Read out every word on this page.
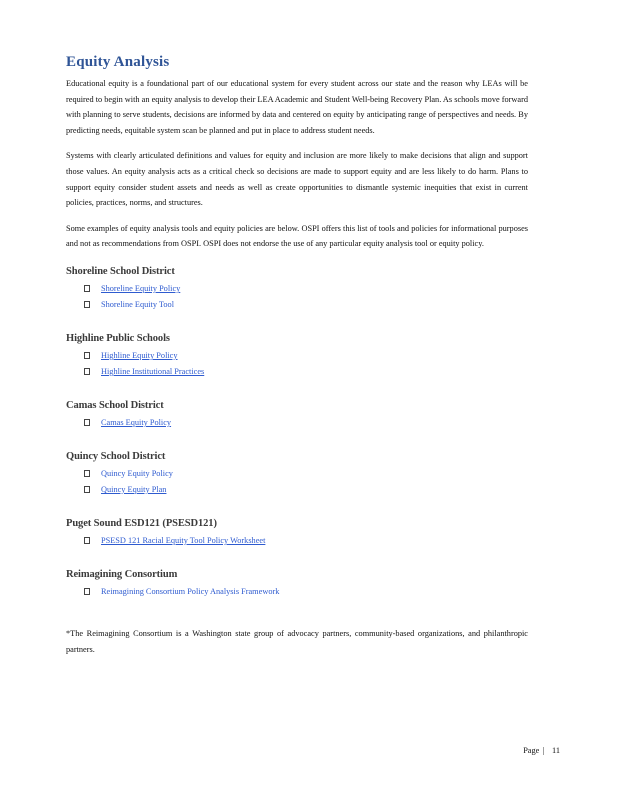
Equity Analysis

Educational equity is a foundational part of our educational system for every student across our state and the reason why LEAs will be required to begin with an equity analysis to develop their LEA Academic and Student Well-being Recovery Plan. As schools move forward with planning to serve students, decisions are informed by data and centered on equity by anticipating range of perspectives and needs. By predicting needs, equitable system scan be planned and put in place to address student needs.

Systems with clearly articulated definitions and values for equity and inclusion are more likely to make decisions that align and support those values. An equity analysis acts as a critical check so decisions are made to support equity and are less likely to do harm. Plans to support equity consider student assets and needs as well as create opportunities to dismantle systemic inequities that exist in current policies, practices, norms, and structures.

Some examples of equity analysis tools and equity policies are below. OSPI offers this list of tools and policies for informational purposes and not as recommendations from OSPI. OSPI does not endorse the use of any particular equity analysis tool or equity policy.

Shoreline School District
Shoreline Equity Policy
Shoreline Equity Tool
Highline Public Schools
Highline Equity Policy
Highline Institutional Practices
Camas School District
Camas Equity Policy
Quincy School District
Quincy Equity Policy
Quincy Equity Plan
Puget Sound ESD121 (PSESD121)
PSESD 121 Racial Equity Tool Policy Worksheet
Reimagining Consortium
Reimagining Consortium Policy Analysis Framework

*The Reimagining Consortium is a Washington state group of advocacy partners, community-based organizations, and philanthropic partners.

Page | 11
